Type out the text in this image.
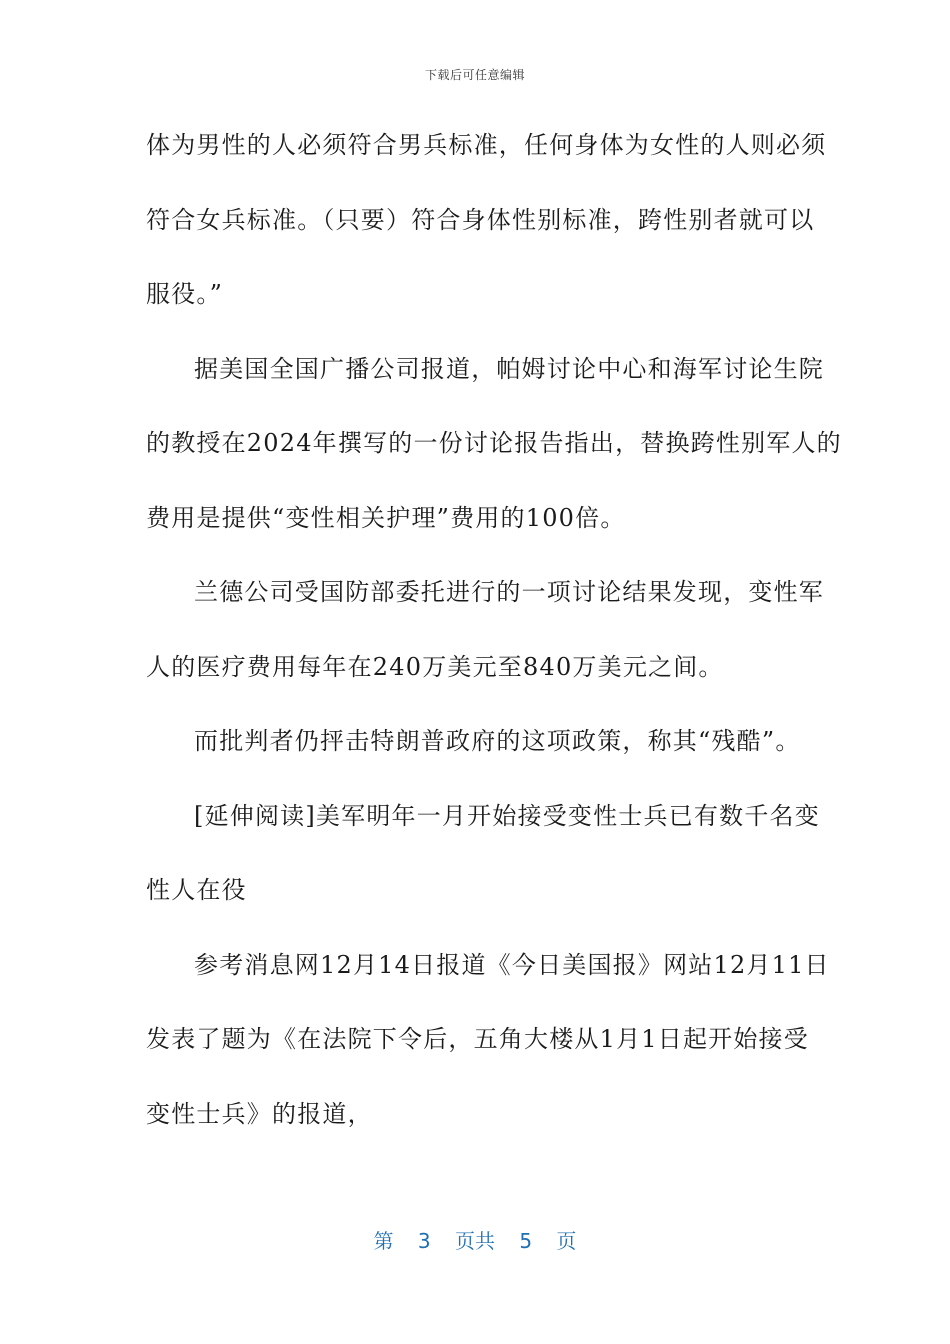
下载后可任意编辑
体为男性的人必须符合男兵标准，任何身体为女性的人则必须
符合女兵标准。（只要）符合身体性别标准，跨性别者就可以
服役。”
据美国全国广播公司报道，帕姆讨论中心和海军讨论生院
的教授在2024年撰写的一份讨论报告指出，替换跨性别军人的
费用是提供“变性相关护理”费用的100倍。
兰德公司受国防部委托进行的一项讨论结果发现，变性军
人的医疗费用每年在240万美元至840万美元之间。
而批判者仍抨击特朗普政府的这项政策，称其“残酷”。
[延伸阅读]美军明年一月开始接受变性士兵已有数千名变
性人在役
参考消息网12月14日报道《今日美国报》网站12月11日
发表了题为《在法院下令后，五角大楼从1月1日起开始接受
变性士兵》的报道，
第 3 页共 5 页
